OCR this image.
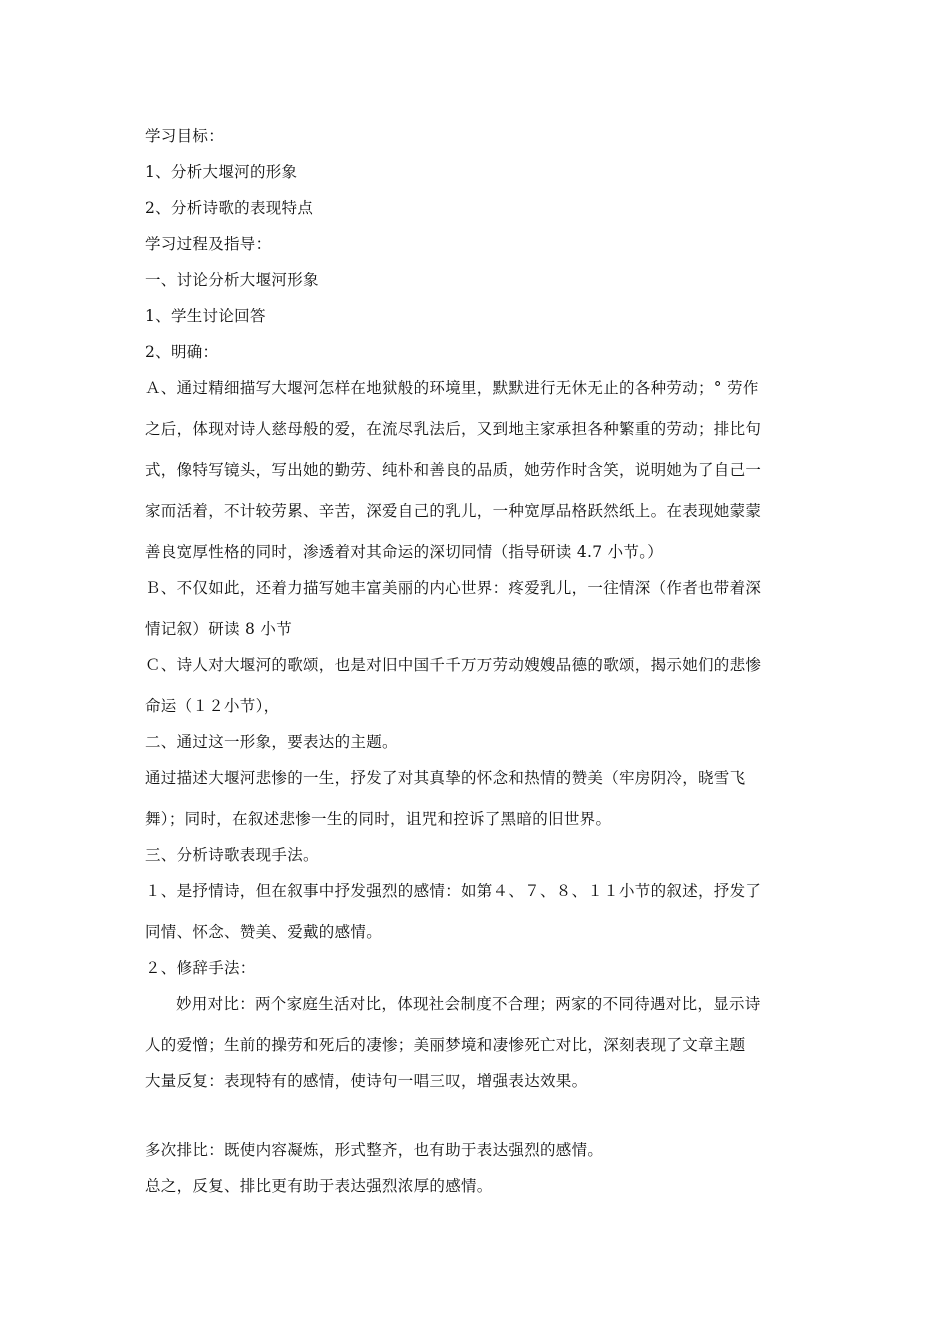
学习目标：
1、分析大堰河的形象
2、分析诗歌的表现特点
学习过程及指导：
一、讨论分析大堰河形象
1、学生讨论回答
2、明确：
Ａ、通过精细描写大堰河怎样在地狱般的环境里，默默进行无休无止的各种劳动；° 劳作
之后，体现对诗人慈母般的爱，在流尽乳法后，又到地主家承担各种繁重的劳动；排比句
式，像特写镜头，写出她的勤劳、纯朴和善良的品质，她劳作时含笑，说明她为了自己一
家而活着，不计较劳累、辛苦，深爱自己的乳儿，一种宽厚品格跃然纸上。在表现她蒙蒙
善良宽厚性格的同时，渗透着对其命运的深切同情（指导研读 4.7 小节。）
Ｂ、不仅如此，还着力描写她丰富美丽的内心世界：疼爱乳儿，一往情深（作者也带着深
情记叙）研读 8 小节
Ｃ、诗人对大堰河的歌颂，也是对旧中国千千万万劳动嫂嫂品德的歌颂，揭示她们的悲惨
命运（１２小节），
二、通过这一形象，要表达的主题。
通过描述大堰河悲惨的一生，抒发了对其真挚的怀念和热情的赞美（牢房阴冷，晓雪飞
舞）；同时，在叙述悲惨一生的同时，诅咒和控诉了黑暗的旧世界。
三、分析诗歌表现手法。
１、是抒情诗，但在叙事中抒发强烈的感情：如第４、７、８、１１小节的叙述，抒发了
同情、怀念、赞美、爱戴的感情。
２、修辞手法：
妙用对比：两个家庭生活对比，体现社会制度不合理；两家的不同待遇对比，显示诗
人的爱憎；生前的操劳和死后的凄惨；美丽梦境和凄惨死亡对比，深刻表现了文章主题
大量反复：表现特有的感情，使诗句一唱三叹，增强表达效果。
多次排比：既使内容凝炼，形式整齐，也有助于表达强烈的感情。
总之，反复、排比更有助于表达强烈浓厚的感情。
